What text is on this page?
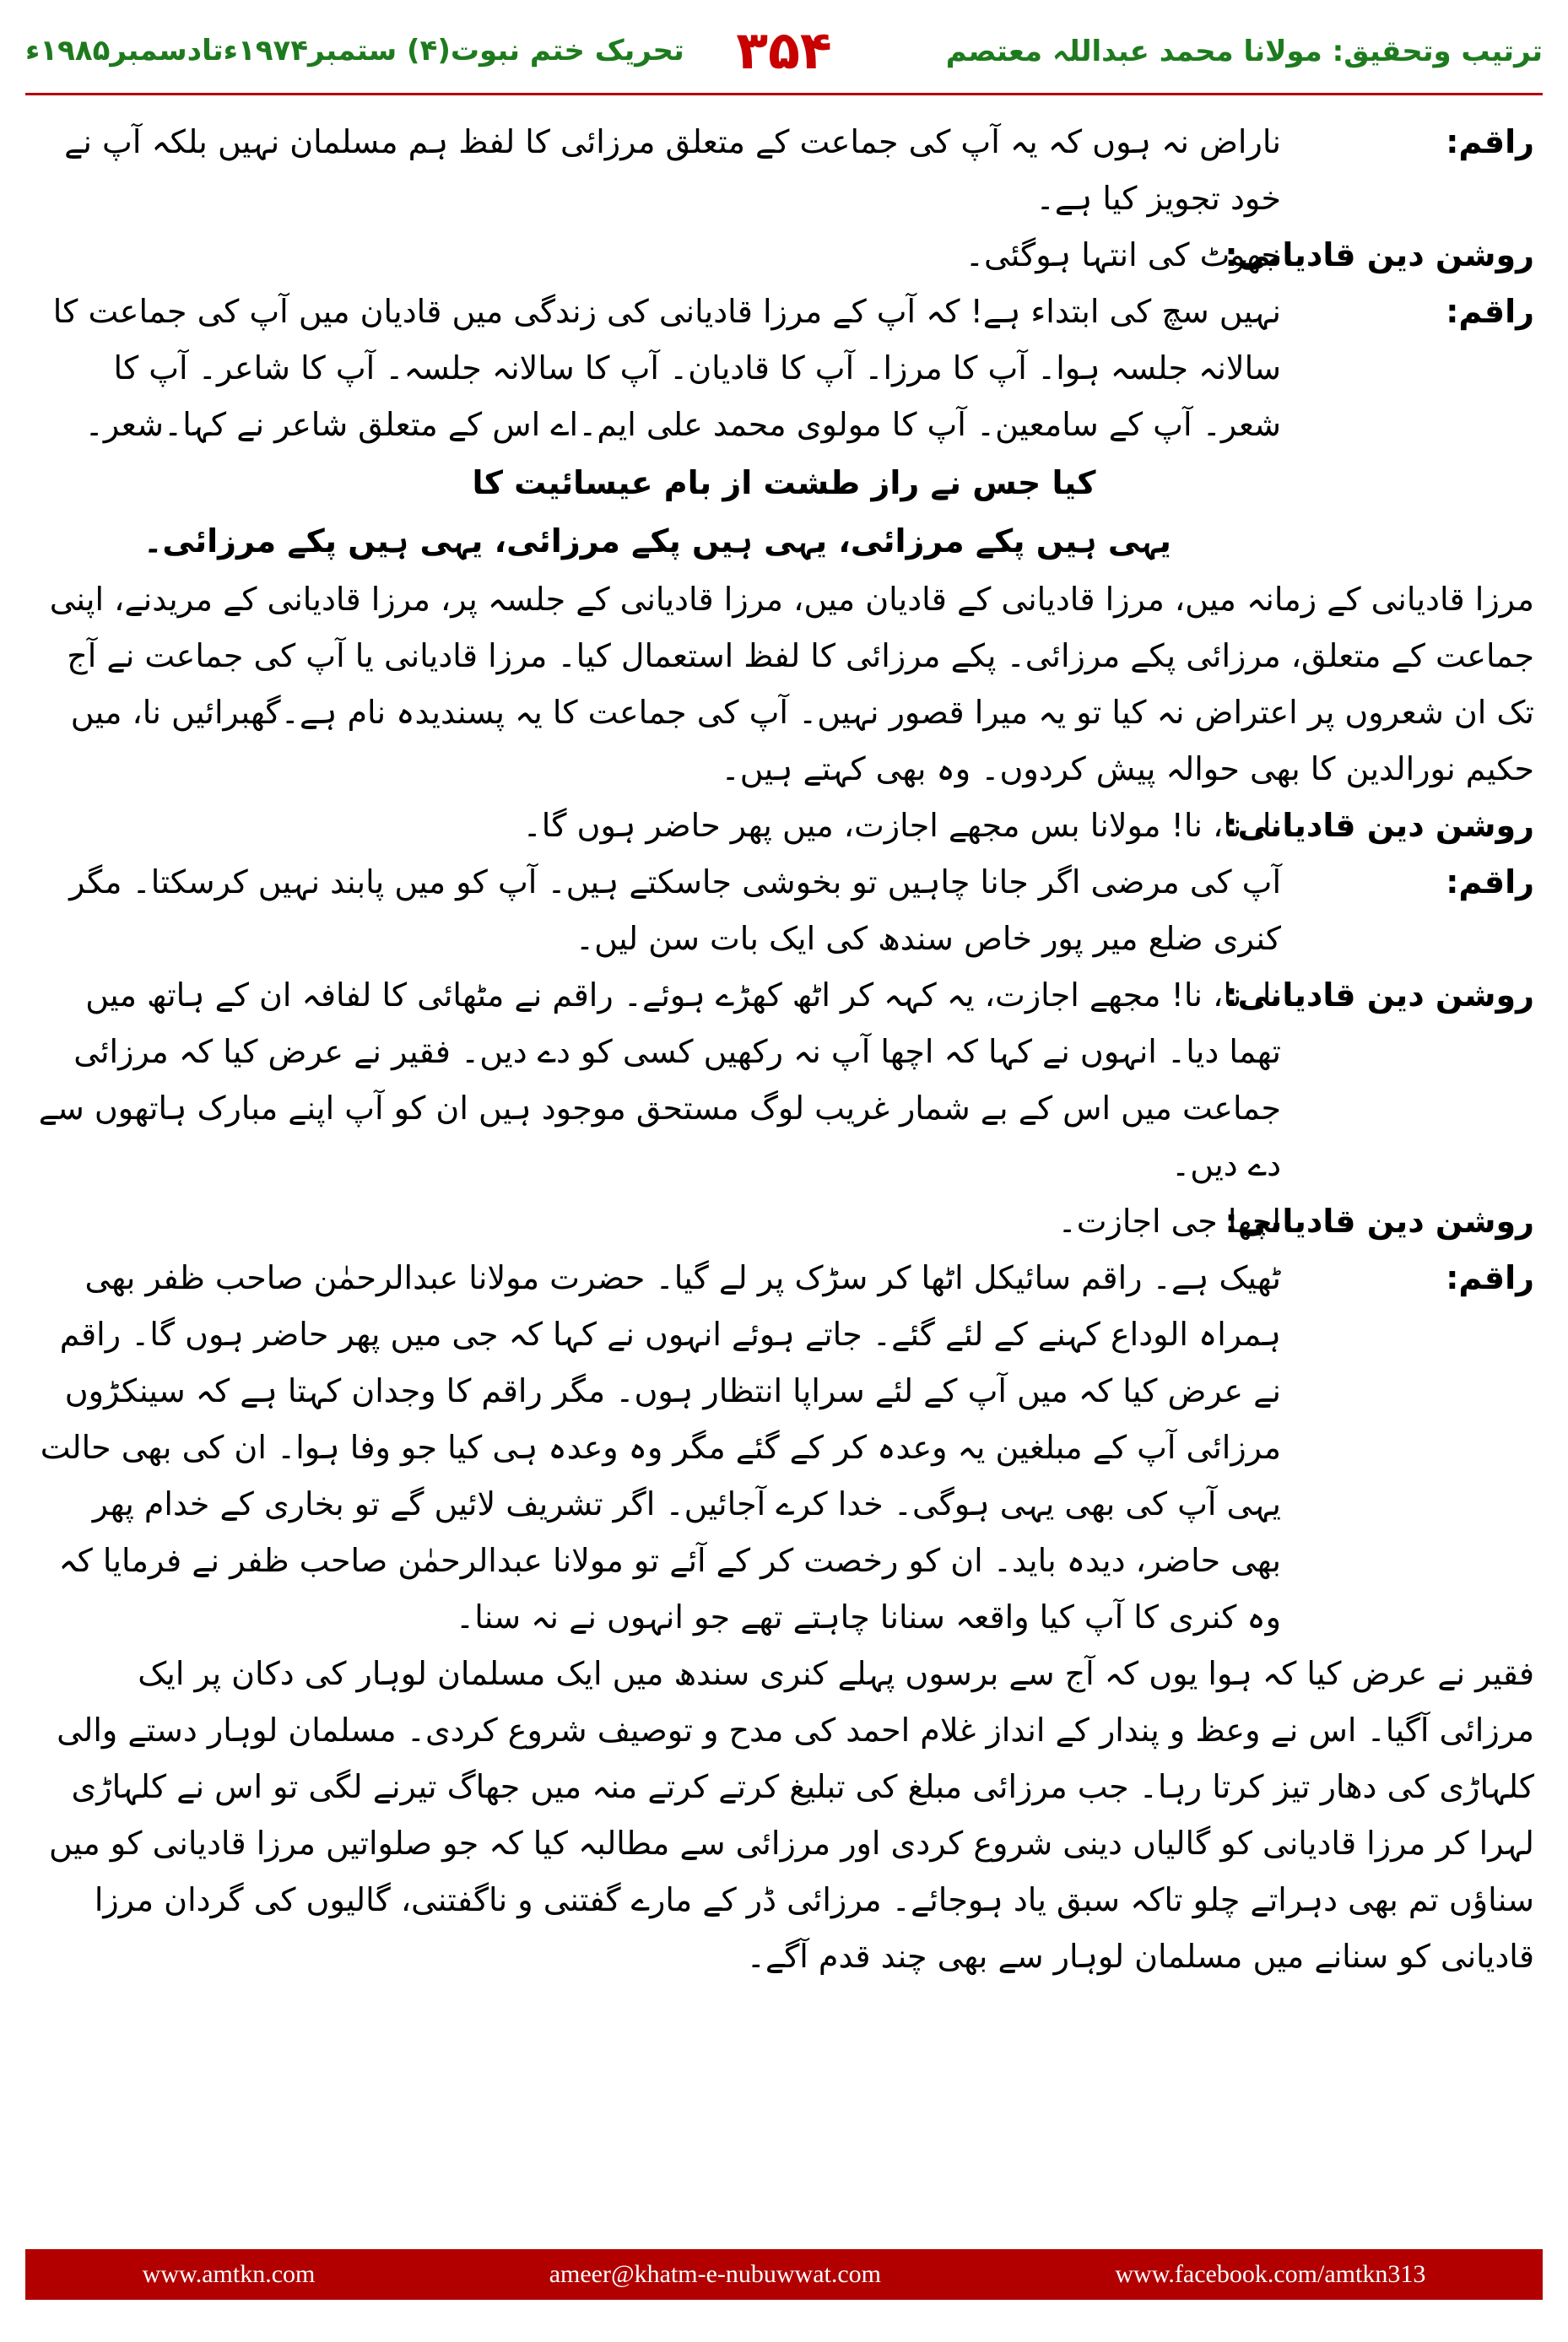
تحریک ختم نبوت(۴) ستمبر۱۹۷۴ءتادسمبر۱۹۸۵ء	ترتیب وتحقیق: مولانا محمد عبداللہ معتصم
۳۵۴
راقم:
ناراض نہ ہوں کہ یہ آپ کی جماعت کے متعلق مرزائی کا لفظ ہم مسلمان نہیں بلکہ آپ نے خود تجویز کیا ہے۔
روشن دین قادیانی:
جھوٹ کی انتہا ہوگئی۔
راقم:
نہیں سچ کی ابتداء ہے! کہ آپ کے مرزا قادیانی کی زندگی میں قادیان میں آپ کی جماعت کا سالانہ جلسہ ہوا۔ آپ کا مرزا۔ آپ کا قادیان۔ آپ کا سالانہ جلسہ۔ آپ کا شاعر۔ آپ کا شعر۔ آپ کے سامعین۔ آپ کا مولوی محمد علی ایم۔اے اس کے متعلق شاعر نے کہا۔شعر۔
کیا جس نے راز طشت از بام عیسائیت کا
یہی ہیں پکے مرزائی، یہی ہیں پکے مرزائی، یہی ہیں پکے مرزائی۔

مرزا قادیانی کے زمانہ میں، مرزا قادیانی کے قادیان میں، مرزا قادیانی کے جلسہ پر، مرزا قادیانی کے مریدنے، اپنی جماعت کے متعلق، مرزائی پکے مرزائی۔ پکے مرزائی کا لفظ استعمال کیا۔ مرزا قادیانی یا آپ کی جماعت نے آج تک ان شعروں پر اعتراض نہ کیا تو یہ میرا قصور نہیں۔ آپ کی جماعت کا یہ پسندیدہ نام ہے۔گھبرائیں نا، میں حکیم نورالدین کا بھی حوالہ پیش کردوں۔ وہ بھی کہتے ہیں۔

روشن دین قادیانی:
نا، نا، نا! مولانا بس مجھے اجازت، میں پھر حاضر ہوں گا۔
راقم:
آپ کی مرضی اگر جانا چاہیں تو بخوشی جاسکتے ہیں۔ آپ کو میں پابند نہیں کرسکتا۔ مگر کنری ضلع میر پور خاص سندھ کی ایک بات سن لیں۔
روشن دین قادیانی:
نا، نا، نا! مجھے اجازت، یہ کہہ کر اٹھ کھڑے ہوئے۔ راقم نے مٹھائی کا لفافہ ان کے ہاتھ میں تھما دیا۔ انہوں نے کہا کہ اچھا آپ نہ رکھیں کسی کو دے دیں۔ فقیر نے عرض کیا کہ مرزائی جماعت میں اس کے بے شمار غریب لوگ مستحق موجود ہیں ان کو آپ اپنے مبارک ہاتھوں سے دے دیں۔
روشن دین قادیانی:
اچھا جی اجازت۔
راقم:
ٹھیک ہے۔ راقم سائیکل اٹھا کر سڑک پر لے گیا۔ حضرت مولانا عبدالرحمٰن صاحب ظفر بھی ہمراہ الوداع کہنے کے لئے گئے۔ جاتے ہوئے انہوں نے کہا کہ جی میں پھر حاضر ہوں گا۔ راقم نے عرض کیا کہ میں آپ کے لئے سراپا انتظار ہوں۔ مگر راقم کا وجدان کہتا ہے کہ سینکڑوں مرزائی آپ کے مبلغین یہ وعدہ کر کے گئے مگر وہ وعدہ ہی کیا جو وفا ہوا۔ ان کی بھی حالت یہی آپ کی بھی یہی ہوگی۔ خدا کرے آجائیں۔ اگر تشریف لائیں گے تو بخاری کے خدام پھر بھی حاضر، دیدہ باید۔ ان کو رخصت کر کے آئے تو مولانا عبدالرحمٰن صاحب ظفر نے فرمایا کہ وہ کنری کا آپ کیا واقعہ سنانا چاہتے تھے جو انہوں نے نہ سنا۔

فقیر نے عرض کیا کہ ہوا یوں کہ آج سے برسوں پہلے کنری سندھ میں ایک مسلمان لوہار کی دکان پر ایک مرزائی آگیا۔ اس نے وعظ و پندار کے انداز غلام احمد کی مدح و توصیف شروع کردی۔ مسلمان لوہار دستے والی کلہاڑی کی دھار تیز کرتا رہا۔ جب مرزائی مبلغ کی تبلیغ کرتے کرتے منہ میں جھاگ تیرنے لگی تو اس نے کلہاڑی لہرا کر مرزا قادیانی کو گالیاں دینی شروع کردی اور مرزائی سے مطالبہ کیا کہ جو صلواتیں مرزا قادیانی کو میں سناؤں تم بھی دہراتے چلو تاکہ سبق یاد ہوجائے۔ مرزائی ڈر کے مارے گفتنی و ناگفتنی، گالیوں کی گردان مرزا قادیانی کو سنانے میں مسلمان لوہار سے بھی چند قدم آگے۔

www.amtkn.com	ameer@khatm-e-nubuwwat.com	www.facebook.com/amtkn313
